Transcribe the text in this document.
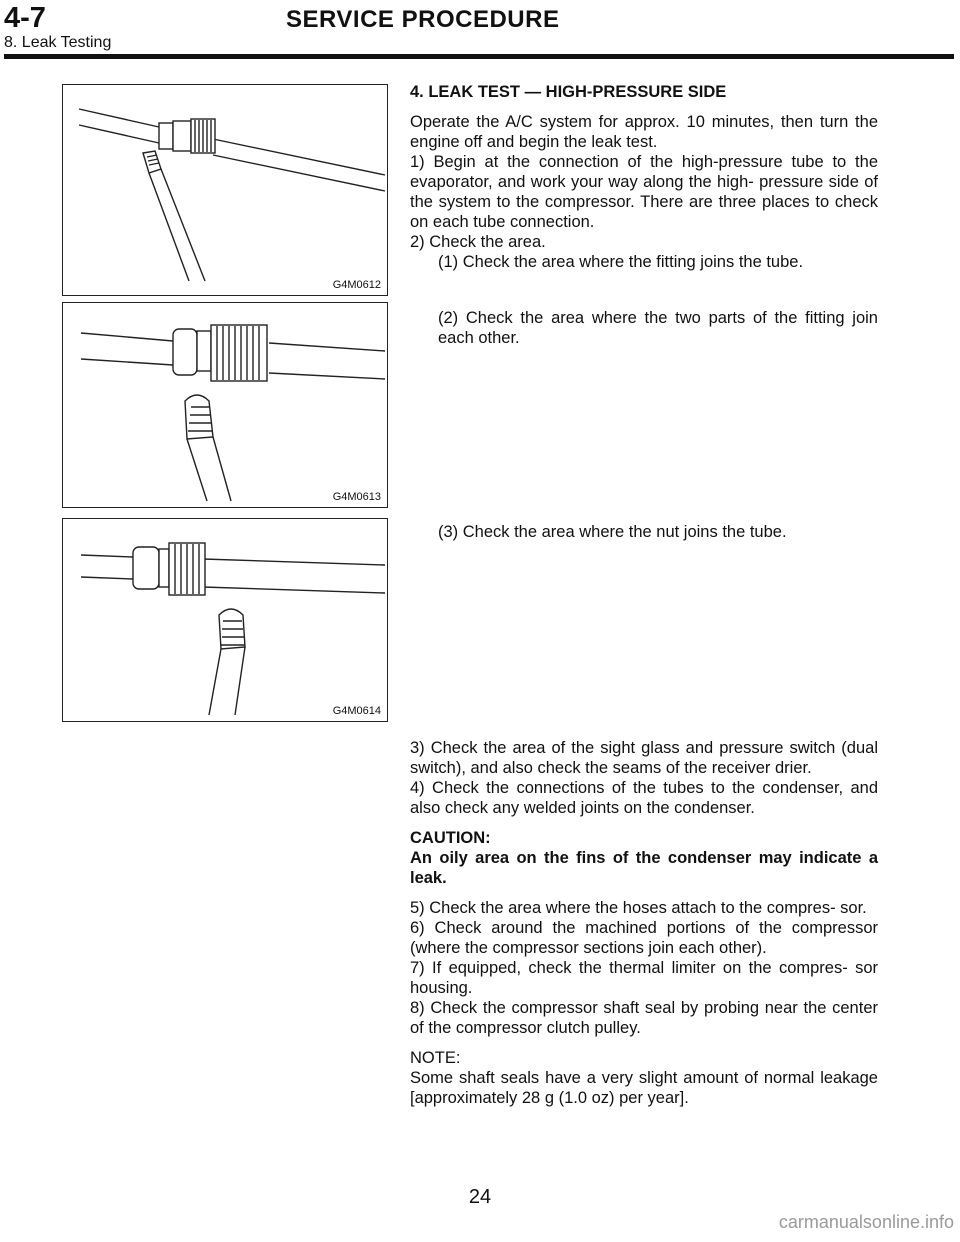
4-7	SERVICE PROCEDURE
8. Leak Testing
G4M0612
G4M0613
G4M0614

4. LEAK TEST — HIGH-PRESSURE SIDE

Operate the A/C system for approx. 10 minutes, then turn the engine off and begin the leak test.

1) Begin at the connection of the high-pressure tube to the evaporator, and work your way along the high- pressure side of the system to the compressor. There are three places to check on each tube connection.

2) Check the area.

(1) Check the area where the fitting joins the tube.

(2) Check the area where the two parts of the fitting join each other.

(3) Check the area where the nut joins the tube.

3) Check the area of the sight glass and pressure switch (dual switch), and also check the seams of the receiver drier.

4) Check the connections of the tubes to the condenser, and also check any welded joints on the condenser.

CAUTION:

An oily area on the fins of the condenser may indicate a leak.

5) Check the area where the hoses attach to the compres- sor.

6) Check around the machined portions of the compressor (where the compressor sections join each other).

7) If equipped, check the thermal limiter on the compres- sor housing.

8) Check the compressor shaft seal by probing near the center of the compressor clutch pulley.

NOTE:

Some shaft seals have a very slight amount of normal leakage [approximately 28 g (1.0 oz) per year].

24
carmanualsonline.info
